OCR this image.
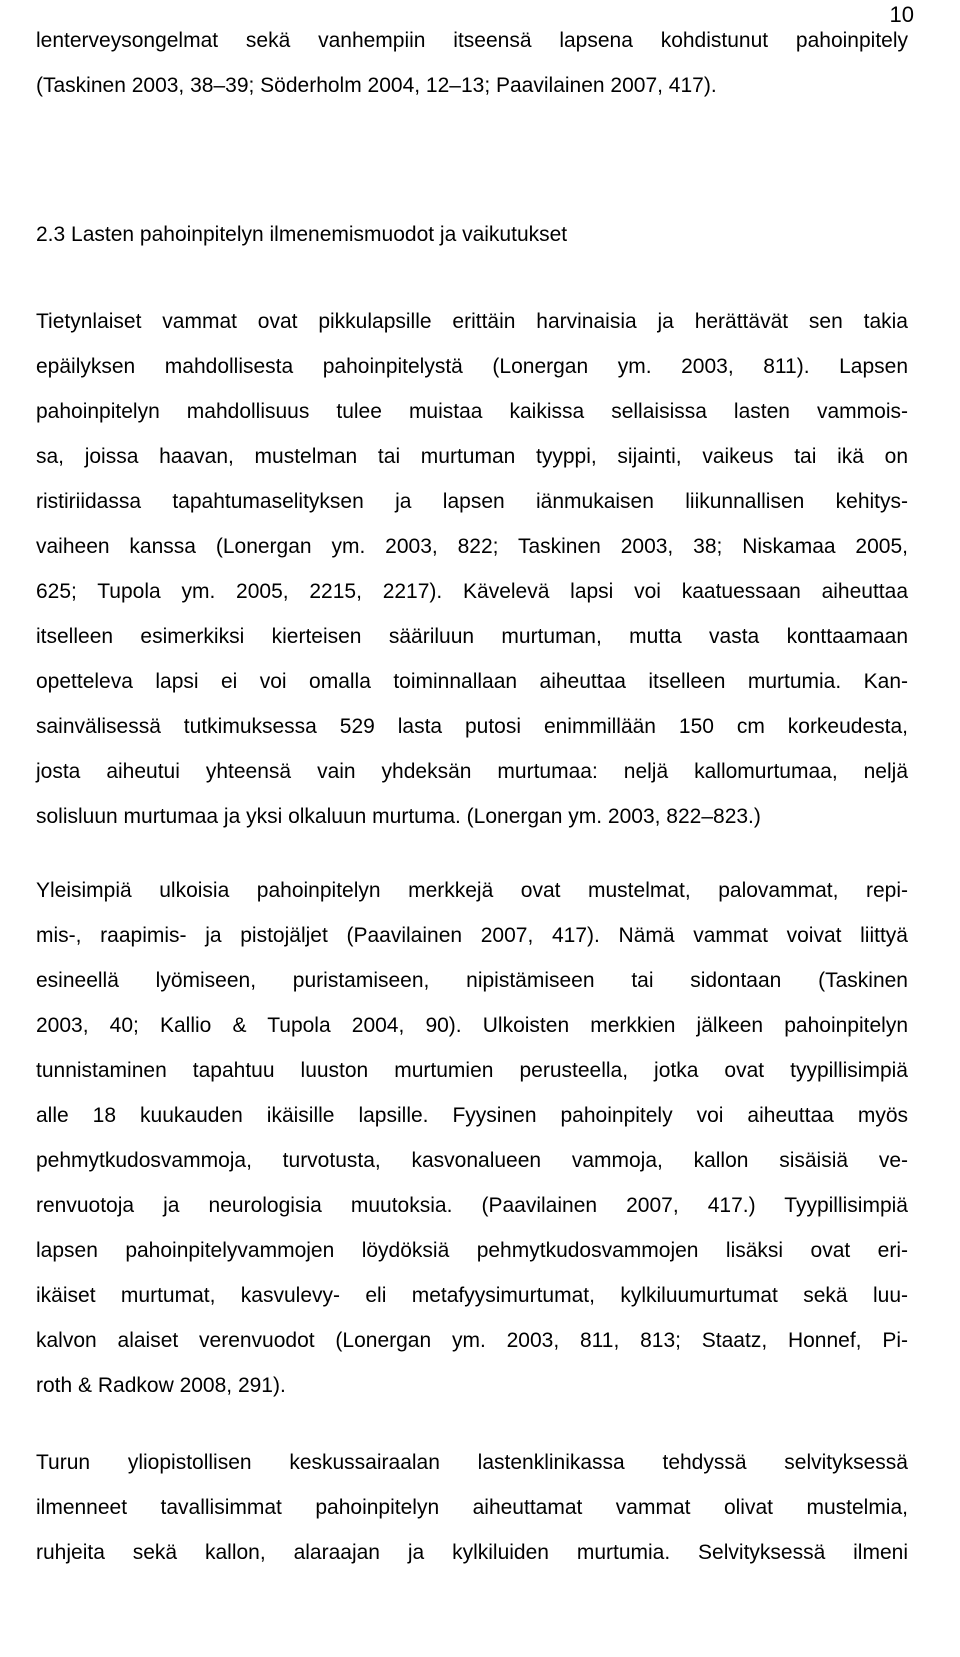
10
lenterveysongelmat sekä vanhempiin itseensä lapsena kohdistunut pahoinpitely
(Taskinen 2003, 38–39; Söderholm 2004, 12–13; Paavilainen 2007, 417).
2.3 Lasten pahoinpitelyn ilmenemismuodot ja vaikutukset
Tietynlaiset vammat ovat pikkulapsille erittäin harvinaisia ja herättävät sen takia
epäilyksen mahdollisesta pahoinpitelystä (Lonergan ym. 2003, 811). Lapsen
pahoinpitelyn mahdollisuus tulee muistaa kaikissa sellaisissa lasten vammois-
sa, joissa haavan, mustelman tai murtuman tyyppi, sijainti, vaikeus tai ikä on
ristiriidassa tapahtumaselityksen ja lapsen iänmukaisen liikunnallisen kehitys-
vaiheen kanssa (Lonergan ym. 2003, 822; Taskinen 2003, 38; Niskamaa 2005,
625; Tupola ym. 2005, 2215, 2217). Kävelevä lapsi voi kaatuessaan aiheuttaa
itselleen esimerkiksi kierteisen sääriluun murtuman, mutta vasta konttaamaan
opetteleva lapsi ei voi omalla toiminnallaan aiheuttaa itselleen murtumia. Kan-
sainvälisessä tutkimuksessa 529 lasta putosi enimmillään 150 cm korkeudesta,
josta aiheutui yhteensä vain yhdeksän murtumaa: neljä kallomurtumaa, neljä
solisluun murtumaa ja yksi olkaluun murtuma. (Lonergan ym. 2003, 822–823.)
Yleisimpiä ulkoisia pahoinpitelyn merkkejä ovat mustelmat, palovammat, repi-
mis-, raapimis- ja pistojäljet (Paavilainen 2007, 417). Nämä vammat voivat liittyä
esineellä lyömiseen, puristamiseen, nipistämiseen tai sidontaan (Taskinen
2003, 40; Kallio & Tupola 2004, 90). Ulkoisten merkkien jälkeen pahoinpitelyn
tunnistaminen tapahtuu luuston murtumien perusteella, jotka ovat tyypillisimpiä
alle 18 kuukauden ikäisille lapsille. Fyysinen pahoinpitely voi aiheuttaa myös
pehmytkudosvammoja, turvotusta, kasvonalueen vammoja, kallon sisäisiä ve-
renvuotoja ja neurologisia muutoksia. (Paavilainen 2007, 417.) Tyypillisimpiä
lapsen pahoinpitelyvammojen löydöksiä pehmytkudosvammojen lisäksi ovat eri-
ikäiset murtumat, kasvulevy- eli metafyysimurtumat, kylkiluumurtumat sekä luu-
kalvon alaiset verenvuodot (Lonergan ym. 2003, 811, 813; Staatz, Honnef, Pi-
roth & Radkow 2008, 291).
Turun yliopistollisen keskussairaalan lastenklinikassa tehdyssä selvityksessä
ilmenneet tavallisimmat pahoinpitelyn aiheuttamat vammat olivat mustelmia,
ruhjeita sekä kallon, alaraajan ja kylkiluiden murtumia. Selvityksessä ilmeni
